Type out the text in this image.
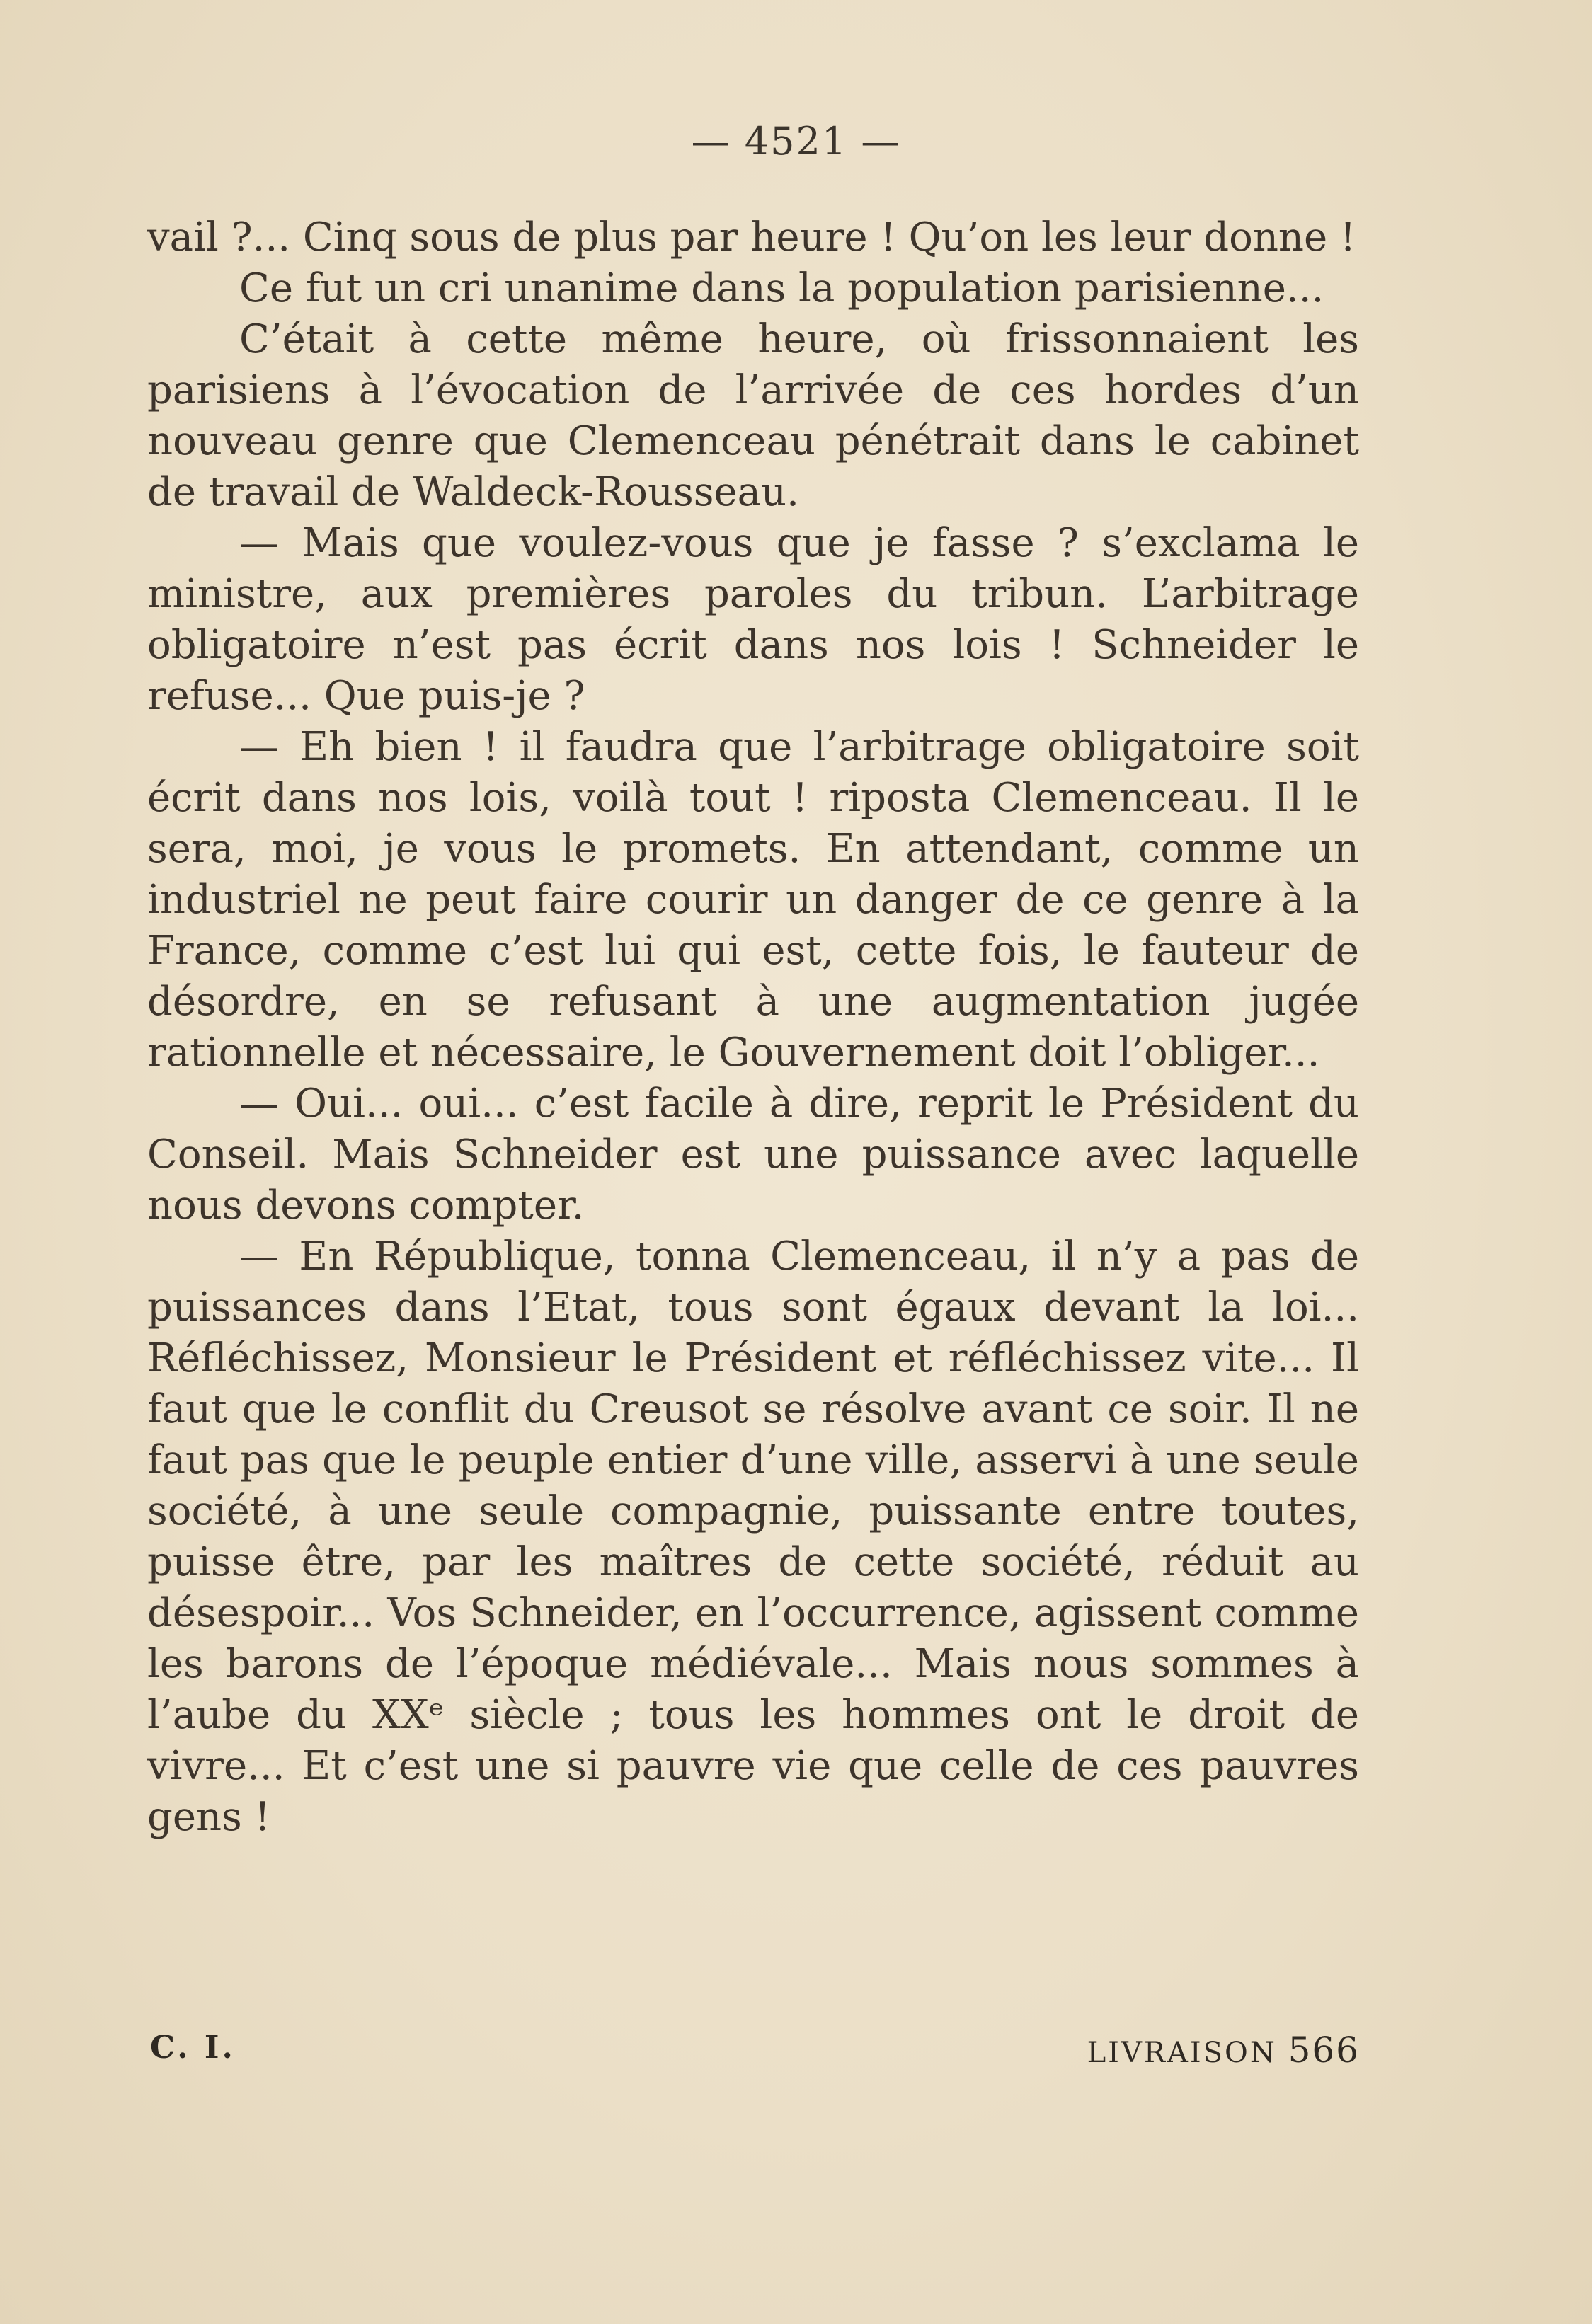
— 4521 —

vail ?... Cinq sous de plus par heure ! Qu’on les leur donne !

Ce fut un cri unanime dans la population parisienne...

C’était à cette même heure, où frissonnaient les parisiens à l’évocation de l’arrivée de ces hordes d’un nouveau genre que Clemenceau pénétrait dans le cabinet de travail de Waldeck-Rousseau.

— Mais que voulez-vous que je fasse ? s’exclama le ministre, aux premières paroles du tribun. L’arbitrage obligatoire n’est pas écrit dans nos lois ! Schneider le refuse... Que puis-je ?

— Eh bien ! il faudra que l’arbitrage obligatoire soit écrit dans nos lois, voilà tout ! riposta Clemenceau. Il le sera, moi, je vous le promets. En attendant, comme un industriel ne peut faire courir un danger de ce genre à la France, comme c’est lui qui est, cette fois, le fauteur de désordre, en se refusant à une augmentation jugée rationnelle et nécessaire, le Gouvernement doit l’obliger...

— Oui... oui... c’est facile à dire, reprit le Président du Conseil. Mais Schneider est une puissance avec laquelle nous devons compter.

— En République, tonna Clemenceau, il n’y a pas de puissances dans l’Etat, tous sont égaux devant la loi... Réfléchissez, Monsieur le Président et réfléchissez vite... Il faut que le conflit du Creusot se résolve avant ce soir. Il ne faut pas que le peuple entier d’une ville, asservi à une seule société, à une seule compagnie, puissante entre toutes, puisse être, par les maîtres de cette société, réduit au désespoir... Vos Schneider, en l’occurrence, agissent comme les barons de l’époque médiévale... Mais nous sommes à l’aube du XXᵉ siècle ; tous les hommes ont le droit de vivre... Et c’est une si pauvre vie que celle de ces pauvres gens !

C. I.	LIVRAISON 566
